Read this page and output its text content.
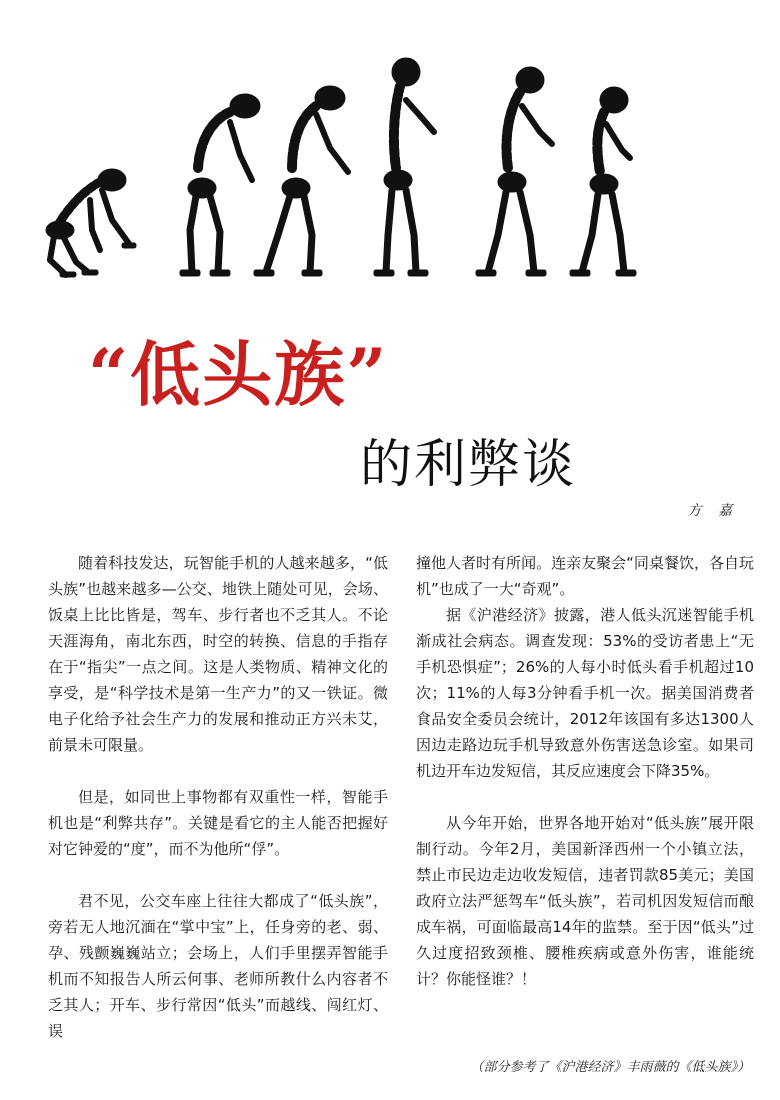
“低头族”
的利弊谈
方 嘉

随着科技发达，玩智能手机的人越来越多，“低头族”也越来越多—公交、地铁上随处可见，会场、饭桌上比比皆是，驾车、步行者也不乏其人。不论天涯海角，南北东西，时空的转换、信息的手指存在于“指尖”一点之间。这是人类物质、精神文化的享受，是“科学技术是第一生产力”的又一铁证。微电子化给予社会生产力的发展和推动正方兴未艾，前景未可限量。

但是，如同世上事物都有双重性一样，智能手机也是“利弊共存”。关键是看它的主人能否把握好对它钟爱的“度”，而不为他所“俘”。

君不见，公交车座上往往大都成了“低头族”，旁若无人地沉湎在“掌中宝”上，任身旁的老、弱、孕、残颤巍巍站立；会场上，人们手里摆弄智能手机而不知报告人所云何事、老师所教什么内容者不乏其人；开车、步行常因“低头”而越线、闯红灯、误

撞他人者时有所闻。连亲友聚会“同桌餐饮，各自玩机”也成了一大“奇观”。

据《沪港经济》披露，港人低头沉迷智能手机渐成社会病态。调查发现：53%的受访者患上“无手机恐惧症”；26%的人每小时低头看手机超过10次；11%的人每3分钟看手机一次。据美国消费者食品安全委员会统计，2012年该国有多达1300人因边走路边玩手机导致意外伤害送急诊室。如果司机边开车边发短信，其反应速度会下降35%。

从今年开始，世界各地开始对“低头族”展开限制行动。今年2月，美国新泽西州一个小镇立法，禁止市民边走边收发短信，违者罚款85美元；美国政府立法严惩驾车“低头族”，若司机因发短信而酿成车祸，可面临最高14年的监禁。至于因“低头”过久过度招致颈椎、腰椎疾病或意外伤害，谁能统计？你能怪谁？！

（部分参考了《沪港经济》丰雨薇的《低头族》）
